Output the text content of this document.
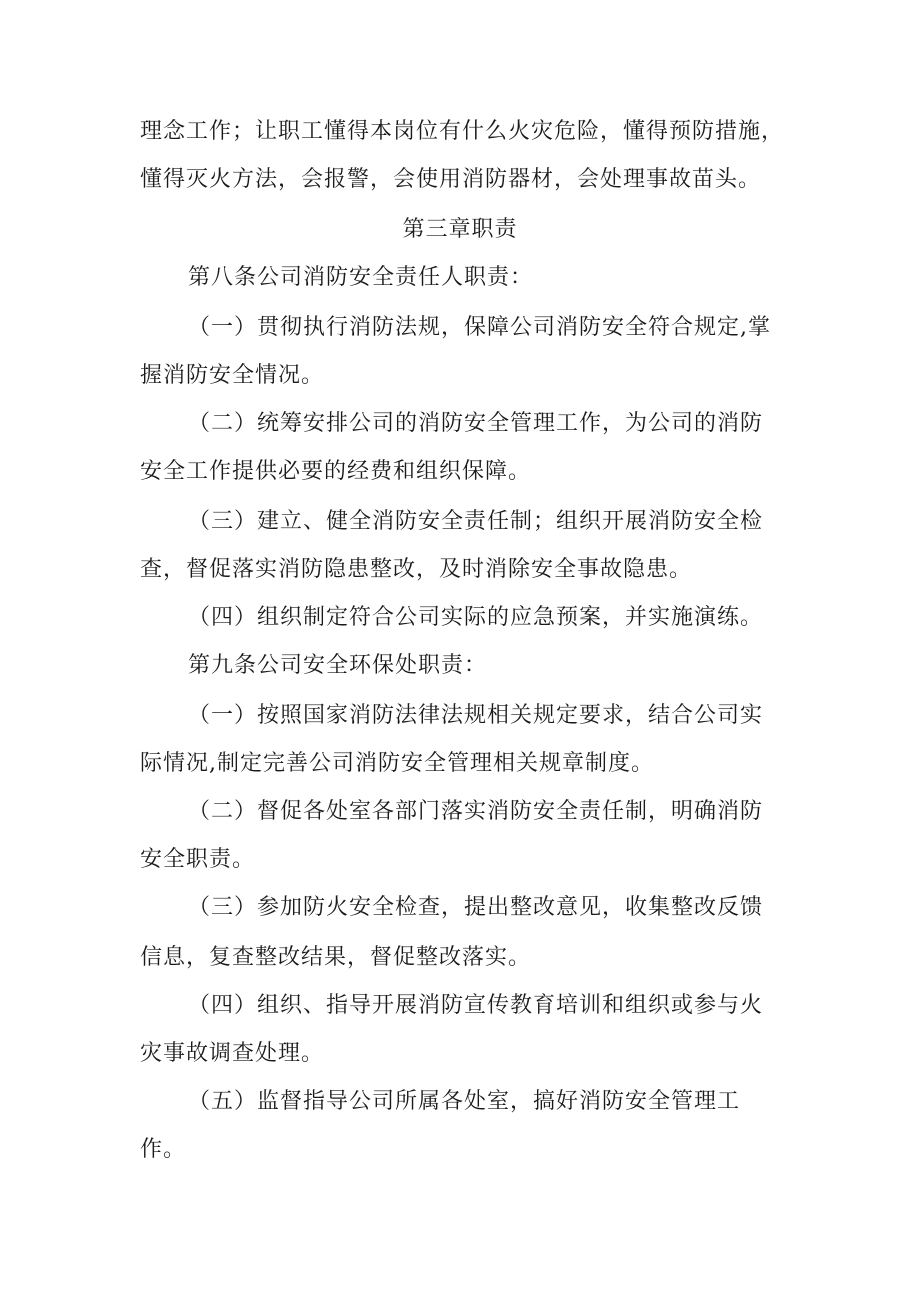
理念工作；让职工懂得本岗位有什么火灾危险，懂得预防措施，
懂得灭火方法，会报警，会使用消防器材，会处理事故苗头。
第三章职责
第八条公司消防安全责任人职责：
（一）贯彻执行消防法规，保障公司消防安全符合规定,掌
握消防安全情况。
（二）统筹安排公司的消防安全管理工作，为公司的消防
安全工作提供必要的经费和组织保障。
（三）建立、健全消防安全责任制；组织开展消防安全检
查，督促落实消防隐患整改，及时消除安全事故隐患。
（四）组织制定符合公司实际的应急预案，并实施演练。
第九条公司安全环保处职责：
（一）按照国家消防法律法规相关规定要求，结合公司实
际情况,制定完善公司消防安全管理相关规章制度。
（二）督促各处室各部门落实消防安全责任制，明确消防
安全职责。
（三）参加防火安全检查，提出整改意见，收集整改反馈
信息，复查整改结果，督促整改落实。
（四）组织、指导开展消防宣传教育培训和组织或参与火
灾事故调查处理。
（五）监督指导公司所属各处室，搞好消防安全管理工
作。
